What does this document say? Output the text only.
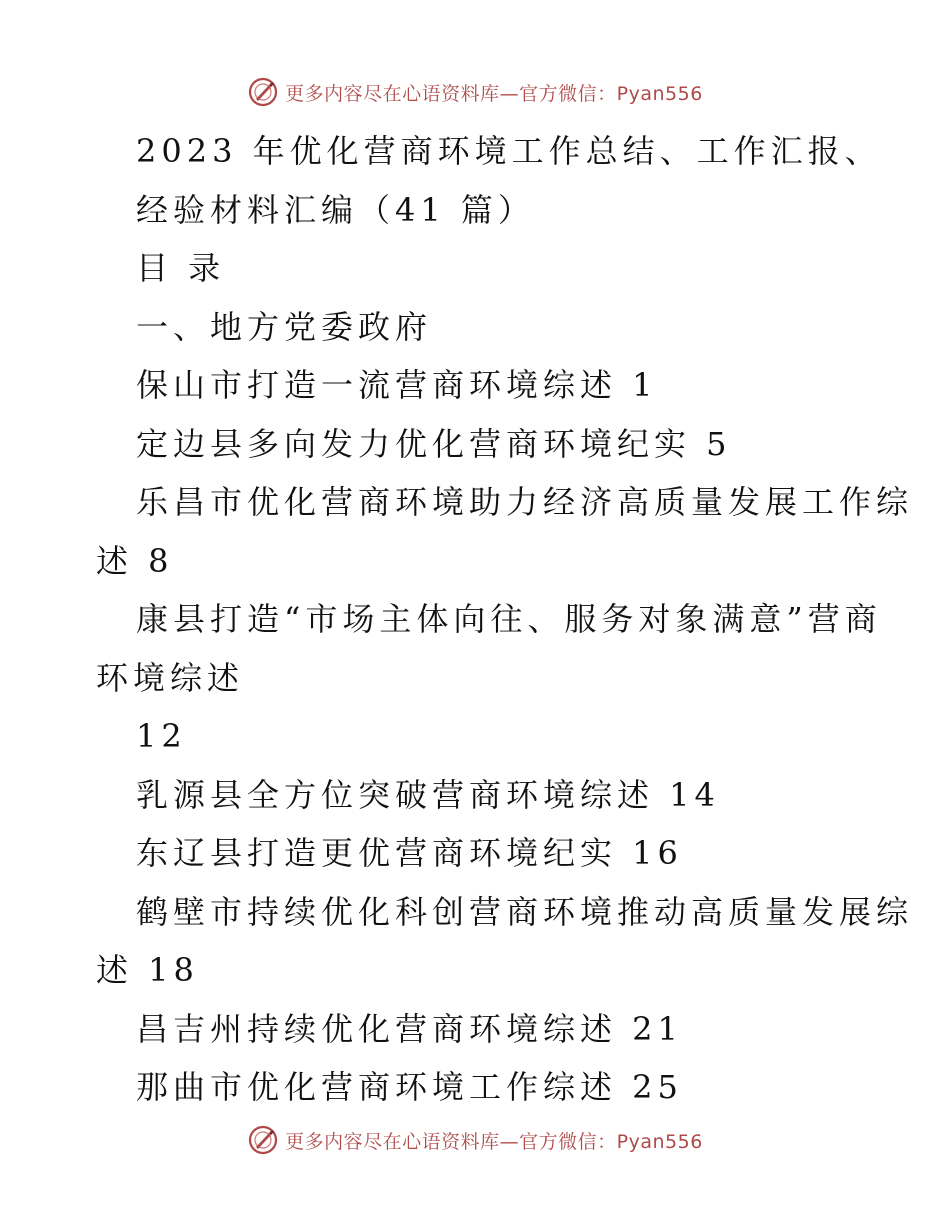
更多内容尽在心语资料库—官方微信：Pyan556

2023 年优化营商环境工作总结、工作汇报、

经验材料汇编（41 篇）

目 录

一、地方党委政府

保山市打造一流营商环境综述 1

定边县多向发力优化营商环境纪实 5

乐昌市优化营商环境助力经济高质量发展工作综

述 8

康县打造“市场主体向往、服务对象满意”营商

环境综述

12

乳源县全方位突破营商环境综述 14

东辽县打造更优营商环境纪实 16

鹤壁市持续优化科创营商环境推动高质量发展综

述 18

昌吉州持续优化营商环境综述 21

那曲市优化营商环境工作综述 25

更多内容尽在心语资料库—官方微信：Pyan556
